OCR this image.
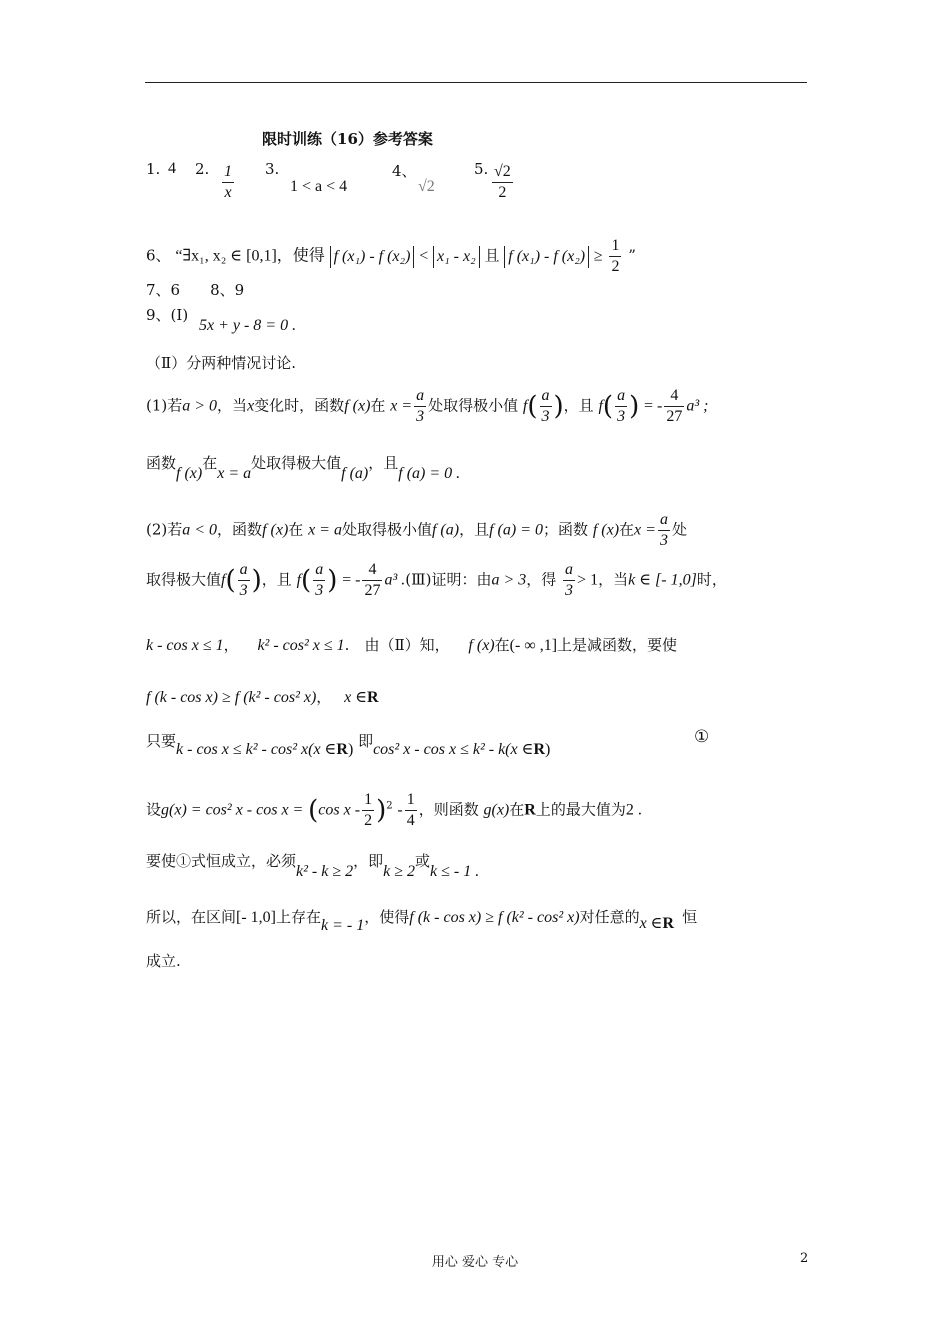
限时训练（16）参考答案
1. 4 2. $\frac{1}{x} 3$.
1 < a < 4
4、
√2
5. $\frac{√2}{2}$
6、 “∃x₁, x₂ ∈ [0,1]，使得 f (x₁) - f (x₂) < x₁ - x₂ 且 f (x₁) - f $(x_2) \ge \frac{1}{2}$ ”
7、6　　8、9
9、(Ⅰ) 5x + y - 8 = 0 .
（Ⅱ）分两种情况讨论.
(1)若a > 0，当x变化时，函数f (x)在 $x = \frac{a}{3}$ 处取得极小值 $f( \frac{a}{3}$ )，且 $f( \frac{a}{3}$ ) = - $\frac{4}{27} a^3$ ;
函数f (x)在x = a处取得极大值f (a)，且f (a) = 0 .
(2)若a < 0，函数f (x)在 x = a处取得极小值f (a)，且f (a) = 0；函数 f (x)在$x = \frac{a}{3}$ 处
取得极大值$f( \frac{a}{3}$ )，且 $f( \frac{a}{3}$ ) = - $\frac{4}{27} a^3$ .(Ⅲ)证明：由a > 3，得 $\frac{a}{3} > 1$，当k ∈ [- 1,0]时，
k - cos x ≤ 1， k² - cos² x ≤ 1.　由（Ⅱ）知， f (x)在(- ∞ ,1]上是减函数，要使
f (k - cos x) ≥ f (k² - cos² x)， x ∈R
只要k - cos x ≤ k² - cos² x(x ∈R) 即cos² x - cos x ≤ k² - k(x ∈R)
①
设g(x) = cos² x - cos x = (cos x - $\frac{1}{2} )^2 - \frac{1}{4}$ ，则函数 g(x)在R上的最大值为2 .
要使①式恒成立，必须k² - k ≥ 2，即k ≥ 2或k ≤ - 1 .
所以，在区间[- 1,0]上存在k = - 1，使得f (k - cos x) ≥ f (k² - cos² x)对任意的x ∈R 恒
成立.
用心 爱心 专心	2
